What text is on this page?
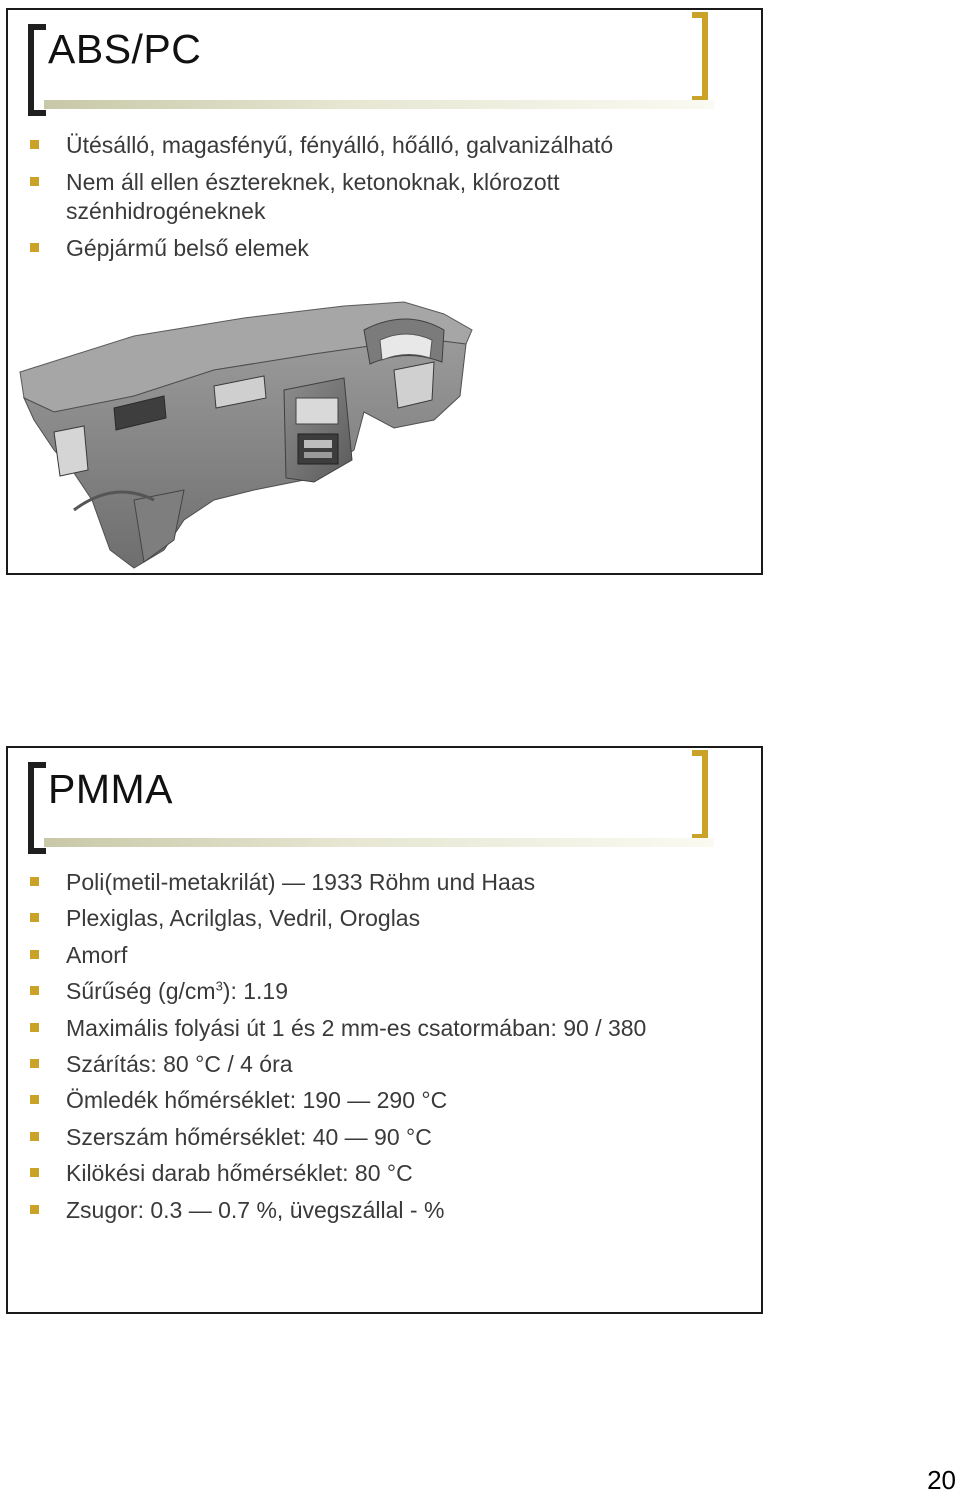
ABS/PC
Ütésálló, magasfényű, fényálló, hőálló, galvanizálható
Nem áll ellen észtereknek, ketonoknak, klórozott szénhidrogéneknek
Gépjármű belső elemek
PMMA
Poli(metil-metakrilát) — 1933 Röhm und Haas
Plexiglas, Acrilglas, Vedril, Oroglas
Amorf
Sűrűség $(g/cm^3)$: 1.19
Maximális folyási út 1 és 2 mm-es csatormában: 90 / 380
Szárítás: 80 °C / 4 óra
Ömledék hőmérséklet: 190 — 290 °C
Szerszám hőmérséklet: 40 — 90 °C
Kilökési darab hőmérséklet: 80 °C
Zsugor: 0.3 — 0.7 %, üvegszállal - %
20
